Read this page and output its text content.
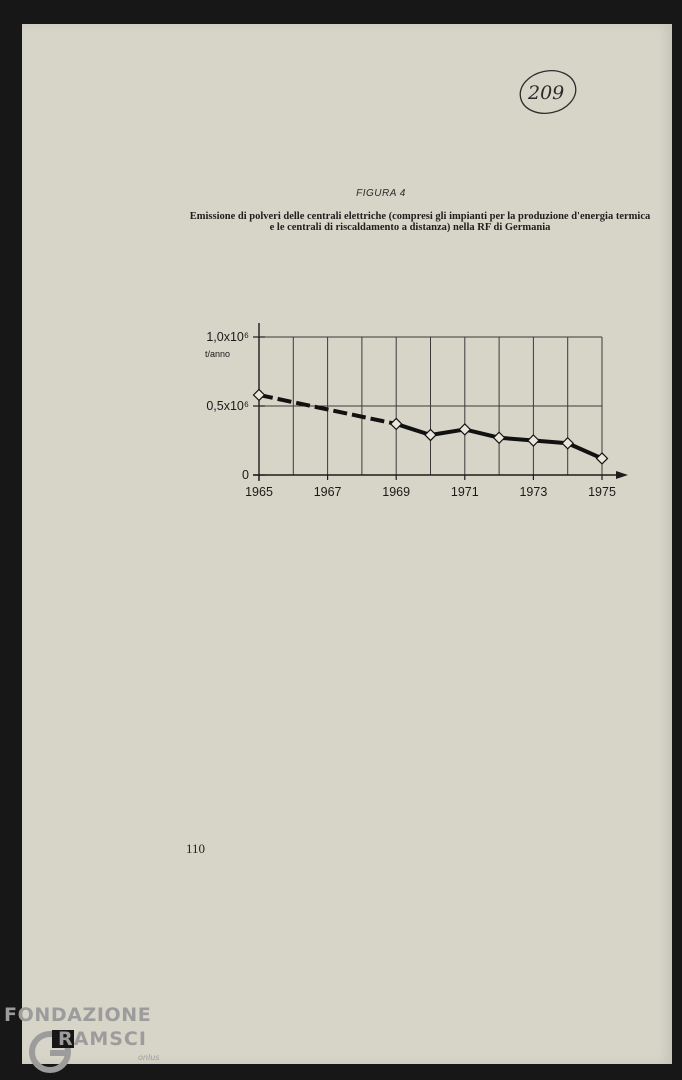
209
FIGURA 4
Emissione di polveri delle centrali elettriche (compresi gli impianti per la produzione d'energia termica
e le centrali di riscaldamento a distanza) nella RF di Germania
t/anno
1,0x10⁶
0,5x10⁶
0
1965	1967	1969	1971	1973	1975
110
FONDAZIONE
G
RAMSCI
onlus
